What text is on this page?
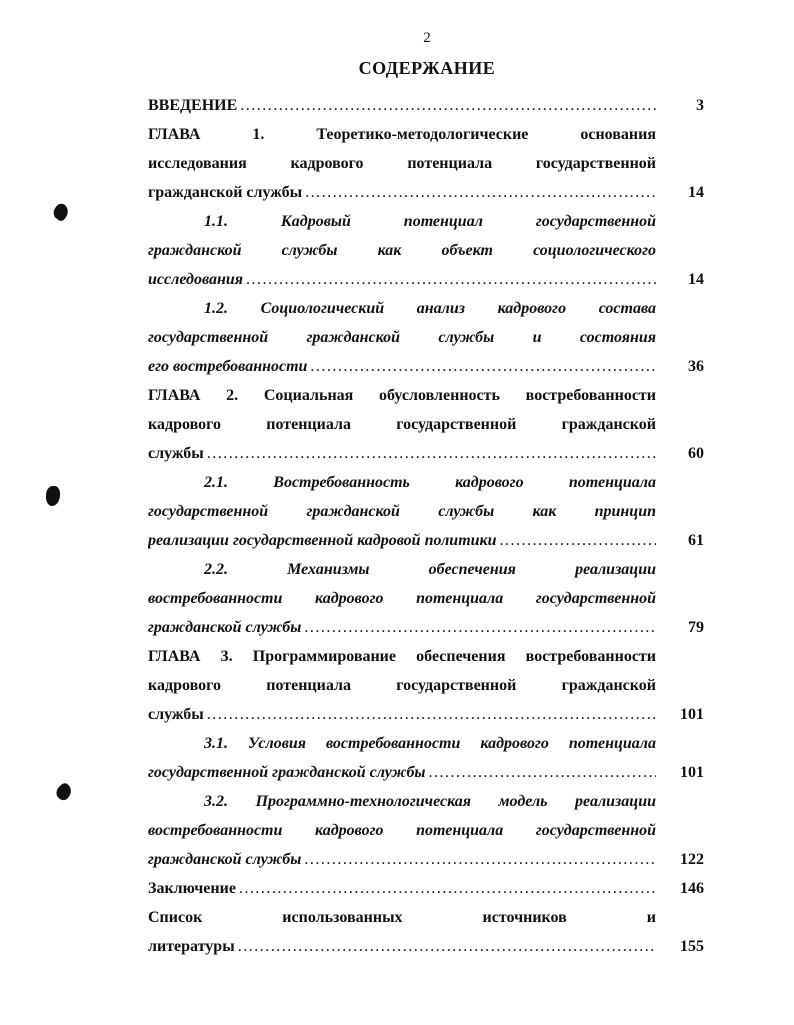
2
СОДЕРЖАНИЕ
ВВЕДЕНИЕ .....	3
ГЛАВА 1. Теоретико-методологические основания
исследования кадрового потенциала государственной
гражданской службы .....	14
1.1. Кадровый потенциал государственной
гражданской службы как объект социологического
исследования .....	14
1.2. Социологический анализ кадрового состава
государственной гражданской службы и состояния
его востребованности .....	36
ГЛАВА 2. Социальная обусловленность востребованности
кадрового потенциала государственной гражданской
службы .....	60
2.1. Востребованность кадрового потенциала
государственной гражданской службы как принцип
реализации государственной кадровой политики .....	61
2.2. Механизмы обеспечения реализации
востребованности кадрового потенциала государственной
гражданской службы .....	79
ГЛАВА 3. Программирование обеспечения востребованности
кадрового потенциала государственной гражданской
службы .....	101
3.1. Условия востребованности кадрового потенциала
государственной гражданской службы .....	101
3.2. Программно-технологическая модель реализации
востребованности кадрового потенциала государственной
гражданской службы .....	122
Заключение .....	146
Список использованных источников и
литературы .....	155
